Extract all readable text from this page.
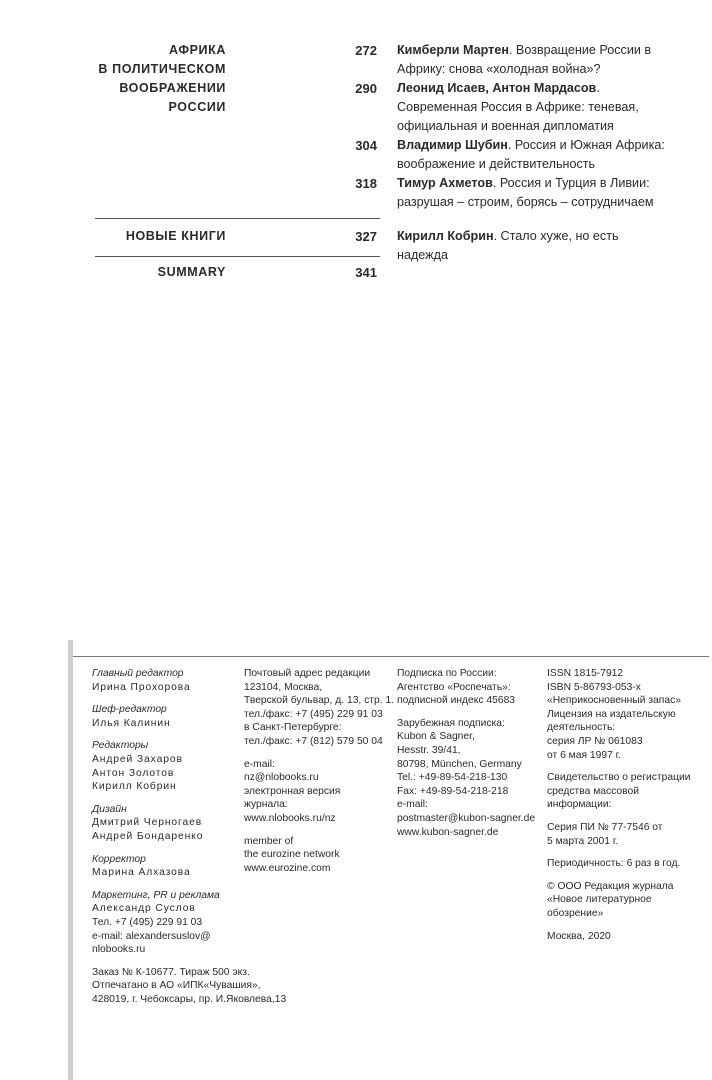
АФРИКА
В ПОЛИТИЧЕСКОМ
ВООБРАЖЕНИИ
РОССИИ
272 Кимберли Мартен. Возвращение России в Африку: снова «холодная война»?
290 Леонид Исаев, Антон Мардасов. Современная Россия в Африке: теневая, официальная и военная дипломатия
304 Владимир Шубин. Россия и Южная Африка: воображение и действительность
318 Тимур Ахметов. Россия и Турция в Ливии: разрушая – строим, борясь – сотрудничаем
НОВЫЕ КНИГИ	327 Кирилл Кобрин. Стало хуже, но есть надежда
SUMMARY	341

Главный редактор

Ирина Прохорова

Шеф-редактор

Илья Калинин

Редакторы

Андрей Захаров

Антон Золотов

Кирилл Кобрин

Дизайн

Дмитрий Черногаев

Андрей Бондаренко

Корректор

Марина Алхазова

Маркетинг, PR и реклама

Александр Суслов

Тел. +7 (495) 229 91 03

e-mail: alexandersuslov@

nlobooks.ru

Заказ № К-10677. Тираж 500 экз.

Отпечатано в АО «ИПК«Чувашия»,

428019, г. Чебоксары, пр. И.Яковлева,13

Почтовый адрес редакции

123104, Москва,

Тверской бульвар, д. 13, стр. 1.

тел./факс: +7 (495) 229 91 03

в Санкт-Петербурге:

тел./факс: +7 (812) 579 50 04

e-mail:

nz@nlobooks.ru

электронная версия

журнала:

www.nlobooks.ru/nz

member of

the eurozine network

www.eurozine.com

Подписка по России:

Агентство «Роспечать»:

подписной индекс 45683

Зарубежная подписка:

Kubon & Sagner,

Hesstr. 39/41,

80798, München, Germany

Tel.: +49-89-54-218-130

Fax: +49-89-54-218-218

e-mail:

postmaster@kubon-sagner.de

www.kubon-sagner.de

ISSN 1815-7912

ISBN 5-86793-053-x

«Неприкосновенный запас»

Лицензия на издательскую

деятельность:

серия ЛР № 061083

от 6 мая 1997 г.

Свидетельство о регистрации

средства массовой

информации:

Серия ПИ № 77-7546 от

5 марта 2001 г.

Периодичность: 6 раз в год.

© ООО Редакция журнала

«Новое литературное

обозрение»

Москва, 2020
